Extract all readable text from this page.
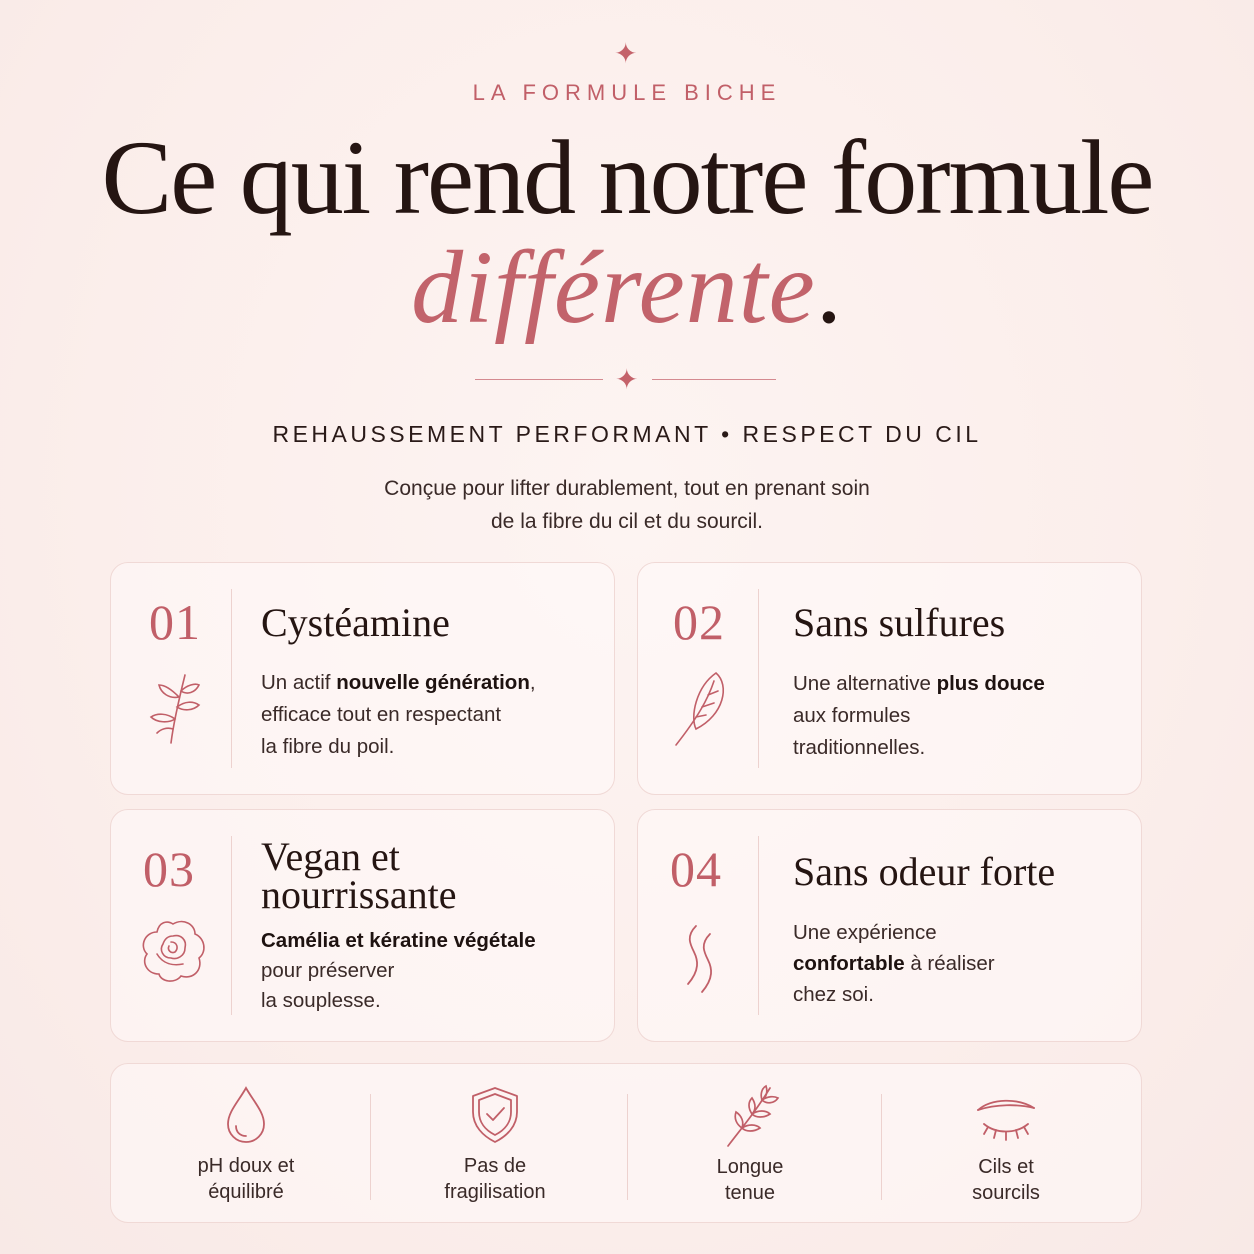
✦
LA FORMULE BICHE
Ce qui rend notre formule
différente.
✦
REHAUSSEMENT PERFORMANT • RESPECT DU CIL
Conçue pour lifter durablement, tout en prenant soin
de la fibre du cil et du sourcil.
01 Cystéamine

Un actif nouvelle génération,
efficace tout en respectant
la fibre du poil.

02 Sans sulfures

Une alternative plus douce
aux formules
traditionnelles.

03 Vegan et
nourrissante

Camélia et kératine végétale
pour préserver
la souplesse.

04 Sans odeur forte

Une expérience
confortable à réaliser
chez soi.

pH doux et
équilibré
Pas de
fragilisation
Longue
tenue
Cils et
sourcils
